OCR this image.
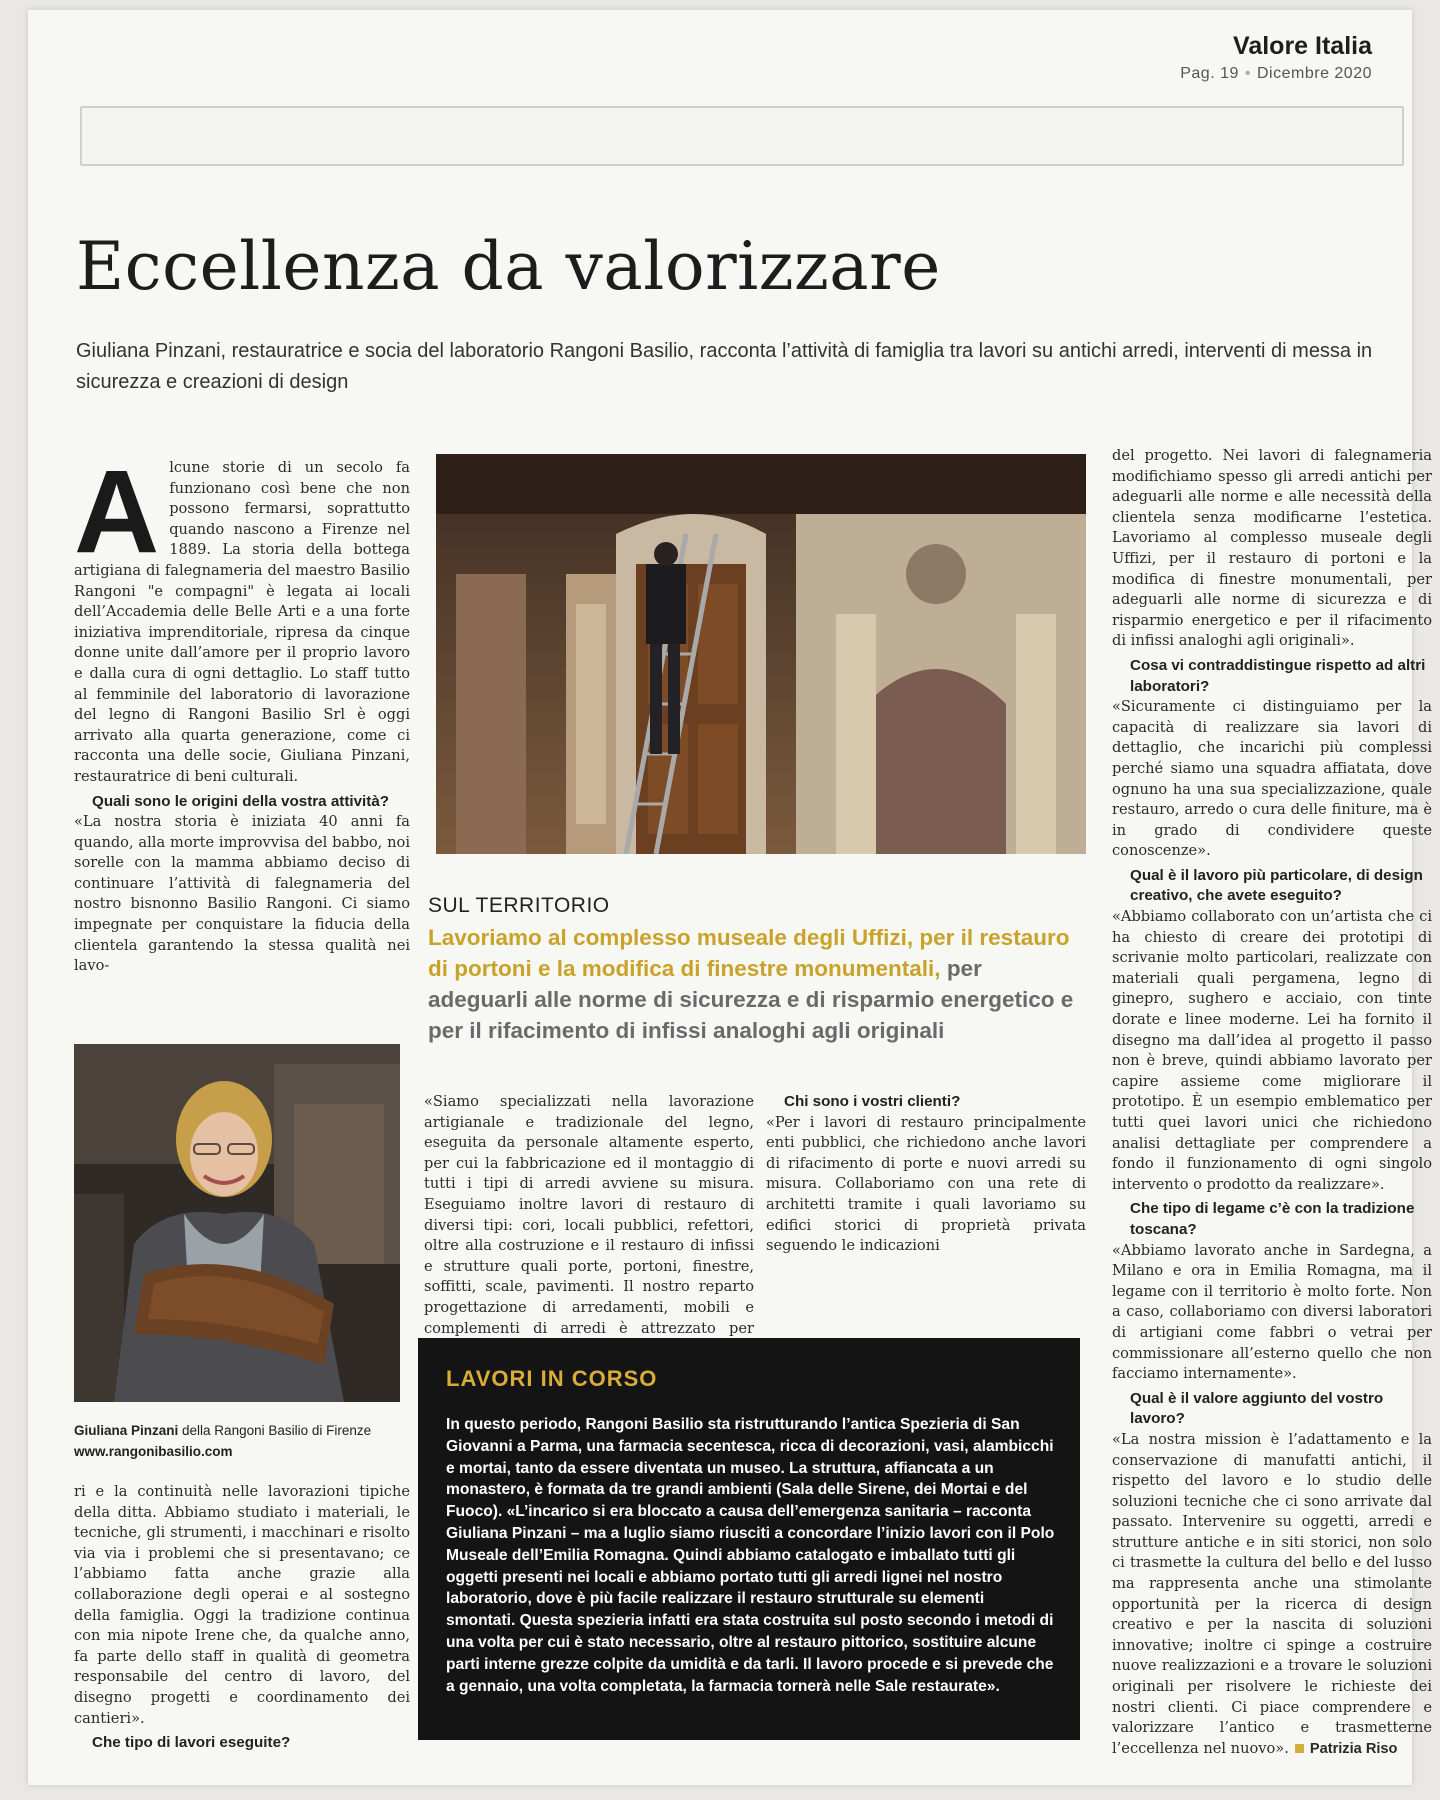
Valore Italia
Pag. 19 • Dicembre 2020
Eccellenza da valorizzare
Giuliana Pinzani, restauratrice e socia del laboratorio Rangoni Basilio, racconta l’attività di famiglia tra lavori su antichi arredi, interventi di messa in sicurezza e creazioni di design
A lcune storie di un secolo fa funzionano così bene che non possono fermarsi, soprattutto quando nascono a Firenze nel 1889. La storia della bottega artigiana di falegnameria del maestro Basilio Rangoni "e compagni" è legata ai locali dell’Accademia delle Belle Arti e a una forte iniziativa imprenditoriale, ripresa da cinque donne unite dall’amore per il proprio lavoro e dalla cura di ogni dettaglio. Lo staff tutto al femminile del laboratorio di lavorazione del legno di Rangoni Basilio Srl è oggi arrivato alla quarta generazione, come ci racconta una delle socie, Giuliana Pinzani, restauratrice di beni culturali.

Quali sono le origini della vostra attività?

«La nostra storia è iniziata 40 anni fa quando, alla morte improvvisa del babbo, noi sorelle con la mamma abbiamo deciso di continuare l’attività di falegnameria del nostro bisnonno Basilio Rangoni. Ci siamo impegnate per conquistare la fiducia della clientela garantendo la stessa qualità nei lavo-

Giuliana Pinzani della Rangoni Basilio di Firenze
www.rangonibasilio.com

ri e la continuità nelle lavorazioni tipiche della ditta. Abbiamo studiato i materiali, le tecniche, gli strumenti, i macchinari e risolto via via i problemi che si presentavano; ce l’abbiamo fatta anche grazie alla collaborazione degli operai e al sostegno della famiglia. Oggi la tradizione continua con mia nipote Irene che, da qualche anno, fa parte dello staff in qualità di geometra responsabile del centro di lavoro, del disegno progetti e coordinamento dei cantieri».

Che tipo di lavori eseguite?
SUL TERRITORIO
Lavoriamo al complesso museale degli Uffizi, per il restauro di portoni e la modifica di finestre monumentali, per adeguarli alle norme di sicurezza e di risparmio energetico e per il rifacimento di infissi analoghi agli originali

«Siamo specializzati nella lavorazione artigianale e tradizionale del legno, eseguita da personale altamente esperto, per cui la fabbricazione ed il montaggio di tutti i tipi di arredi avviene su misura. Eseguiamo inoltre lavori di restauro di diversi tipi: cori, locali pubblici, refettori, oltre alla costruzione e il restauro di infissi e strutture quali porte, portoni, finestre, soffitti, scale, pavimenti. Il nostro reparto progettazione di arredamenti, mobili e complementi di arredi è attrezzato per

Chi sono i vostri clienti?

«Per i lavori di restauro principalmente enti pubblici, che richiedono anche lavori di rifacimento di porte e nuovi arredi su misura. Collaboriamo con una rete di architetti tramite i quali lavoriamo su edifici storici di proprietà privata seguendo le indicazioni

LAVORI IN CORSO
In questo periodo, Rangoni Basilio sta ristrutturando l’antica Spezieria di San Giovanni a Parma, una farmacia secentesca, ricca di decorazioni, vasi, alambicchi e mortai, tanto da essere diventata un museo. La struttura, affiancata a un monastero, è formata da tre grandi ambienti (Sala delle Sirene, dei Mortai e del Fuoco). «L’incarico si era bloccato a causa dell’emergenza sanitaria – racconta Giuliana Pinzani – ma a luglio siamo riusciti a concordare l’inizio lavori con il Polo Museale dell’Emilia Romagna. Quindi abbiamo catalogato e imballato tutti gli oggetti presenti nei locali e abbiamo portato tutti gli arredi lignei nel nostro laboratorio, dove è più facile realizzare il restauro strutturale su elementi smontati. Questa spezieria infatti era stata costruita sul posto secondo i metodi di una volta per cui è stato necessario, oltre al restauro pittorico, sostituire alcune parti interne grezze colpite da umidità e da tarli. Il lavoro procede e si prevede che a gennaio, una volta completata, la farmacia tornerà nelle Sale restaurate».

del progetto. Nei lavori di falegnameria modifichiamo spesso gli arredi antichi per adeguarli alle norme e alle necessità della clientela senza modificarne l’estetica. Lavoriamo al complesso museale degli Uffizi, per il restauro di portoni e la modifica di finestre monumentali, per adeguarli alle norme di sicurezza e di risparmio energetico e per il rifacimento di infissi analoghi agli originali».

Cosa vi contraddistingue rispetto ad altri laboratori?

«Sicuramente ci distinguiamo per la capacità di realizzare sia lavori di dettaglio, che incarichi più complessi perché siamo una squadra affiatata, dove ognuno ha una sua specializzazione, quale restauro, arredo o cura delle finiture, ma è in grado di condividere queste conoscenze».

Qual è il lavoro più particolare, di design creativo, che avete eseguito?

«Abbiamo collaborato con un’artista che ci ha chiesto di creare dei prototipi di scrivanie molto particolari, realizzate con materiali quali pergamena, legno di ginepro, sughero e acciaio, con tinte dorate e linee moderne. Lei ha fornito il disegno ma dall’idea al progetto il passo non è breve, quindi abbiamo lavorato per capire assieme come migliorare il prototipo. È un esempio emblematico per tutti quei lavori unici che richiedono analisi dettagliate per comprendere a fondo il funzionamento di ogni singolo intervento o prodotto da realizzare».

Che tipo di legame c’è con la tradizione toscana?

«Abbiamo lavorato anche in Sardegna, a Milano e ora in Emilia Romagna, ma il legame con il territorio è molto forte. Non a caso, collaboriamo con diversi laboratori di artigiani come fabbri o vetrai per commissionare all’esterno quello che non facciamo internamente».

Qual è il valore aggiunto del vostro lavoro?

«La nostra mission è l’adattamento e la conservazione di manufatti antichi, il rispetto del lavoro e lo studio delle soluzioni tecniche che ci sono arrivate dal passato. Intervenire su oggetti, arredi e strutture antiche e in siti storici, non solo ci trasmette la cultura del bello e del lusso ma rappresenta anche una stimolante opportunità per la ricerca di design creativo e per la nascita di soluzioni innovative; inoltre ci spinge a costruire nuove realizzazioni e a trovare le soluzioni originali per risolvere le richieste dei nostri clienti. Ci piace comprendere e valorizzare l’antico e trasmetterne l’eccellenza nel nuovo». Patrizia Riso
